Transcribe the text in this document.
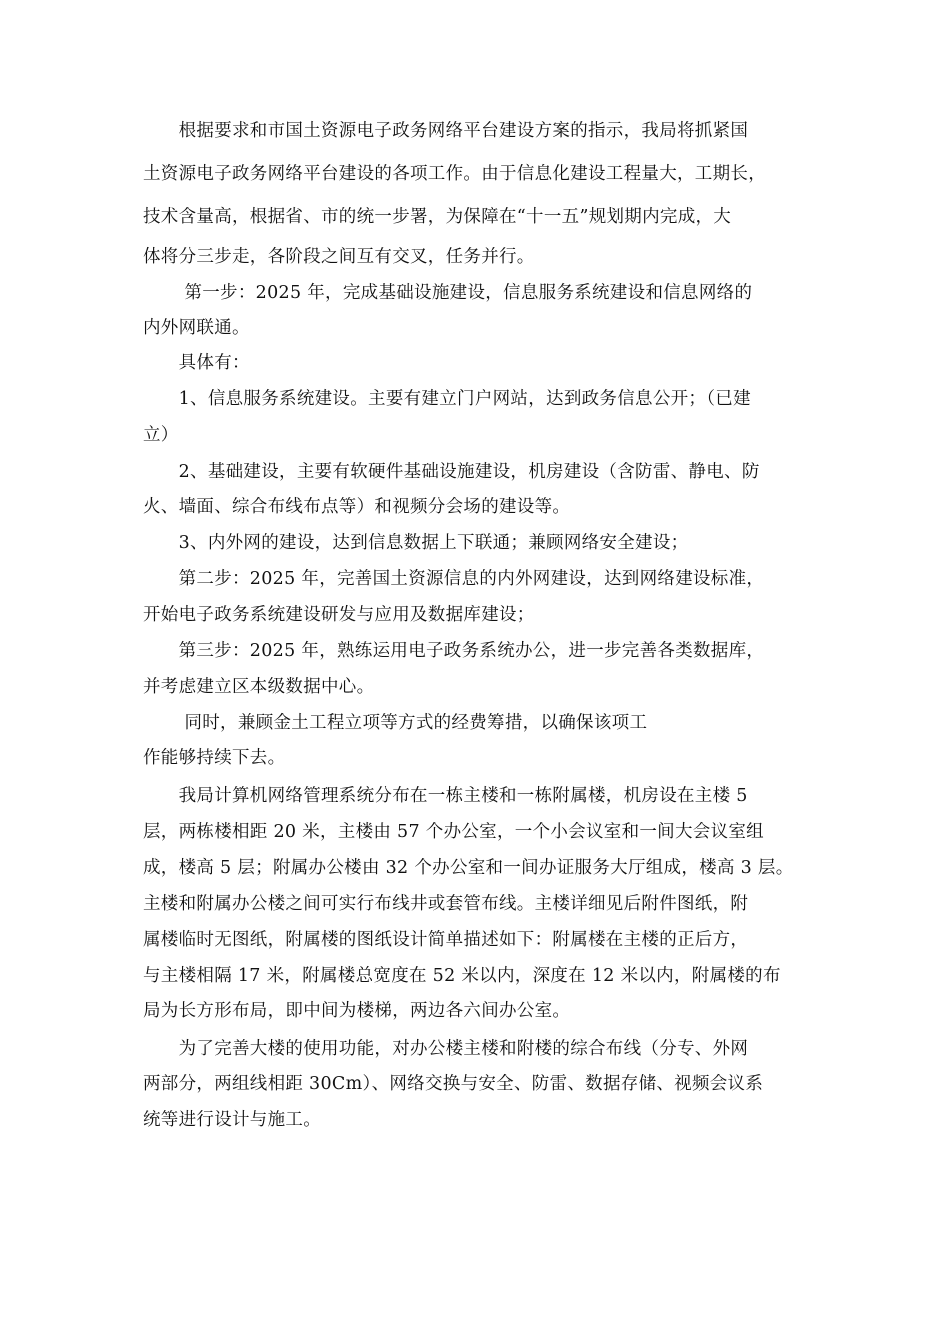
　　根据要求和市国土资源电子政务网络平台建设方案的指示，我局将抓紧国
土资源电子政务网络平台建设的各项工作。由于信息化建设工程量大，工期长，
技术含量高，根据省、市的统一步署，为保障在“十一五”规划期内完成，大
体将分三步走，各阶段之间互有交叉，任务并行。
　　 第一步：2025 年，完成基础设施建设，信息服务系统建设和信息网络的
内外网联通。
　　具体有：
　　1、信息服务系统建设。主要有建立门户网站，达到政务信息公开；（已建
立）
　　2、基础建设，主要有软硬件基础设施建设，机房建设（含防雷、静电、防
火、墙面、综合布线布点等）和视频分会场的建设等。
　　3、内外网的建设，达到信息数据上下联通；兼顾网络安全建设；
　　第二步：2025 年，完善国土资源信息的内外网建设，达到网络建设标准，
开始电子政务系统建设研发与应用及数据库建设；
　　第三步：2025 年，熟练运用电子政务系统办公，进一步完善各类数据库，
并考虑建立区本级数据中心。
　　 同时，兼顾金土工程立项等方式的经费筹措，以确保该项工
作能够持续下去。
　　我局计算机网络管理系统分布在一栋主楼和一栋附属楼，机房设在主楼 5
层，两栋楼相距 20 米，主楼由 57 个办公室，一个小会议室和一间大会议室组
成，楼高 5 层；附属办公楼由 32 个办公室和一间办证服务大厅组成，楼高 3 层。
主楼和附属办公楼之间可实行布线井或套管布线。主楼详细见后附件图纸，附
属楼临时无图纸，附属楼的图纸设计简单描述如下：附属楼在主楼的正后方，
与主楼相隔 17 米，附属楼总宽度在 52 米以内，深度在 12 米以内，附属楼的布
局为长方形布局，即中间为楼梯，两边各六间办公室。
　　为了完善大楼的使用功能，对办公楼主楼和附楼的综合布线（分专、外网
两部分，两组线相距 30Cm）、网络交换与安全、防雷、数据存储、视频会议系
统等进行设计与施工。
